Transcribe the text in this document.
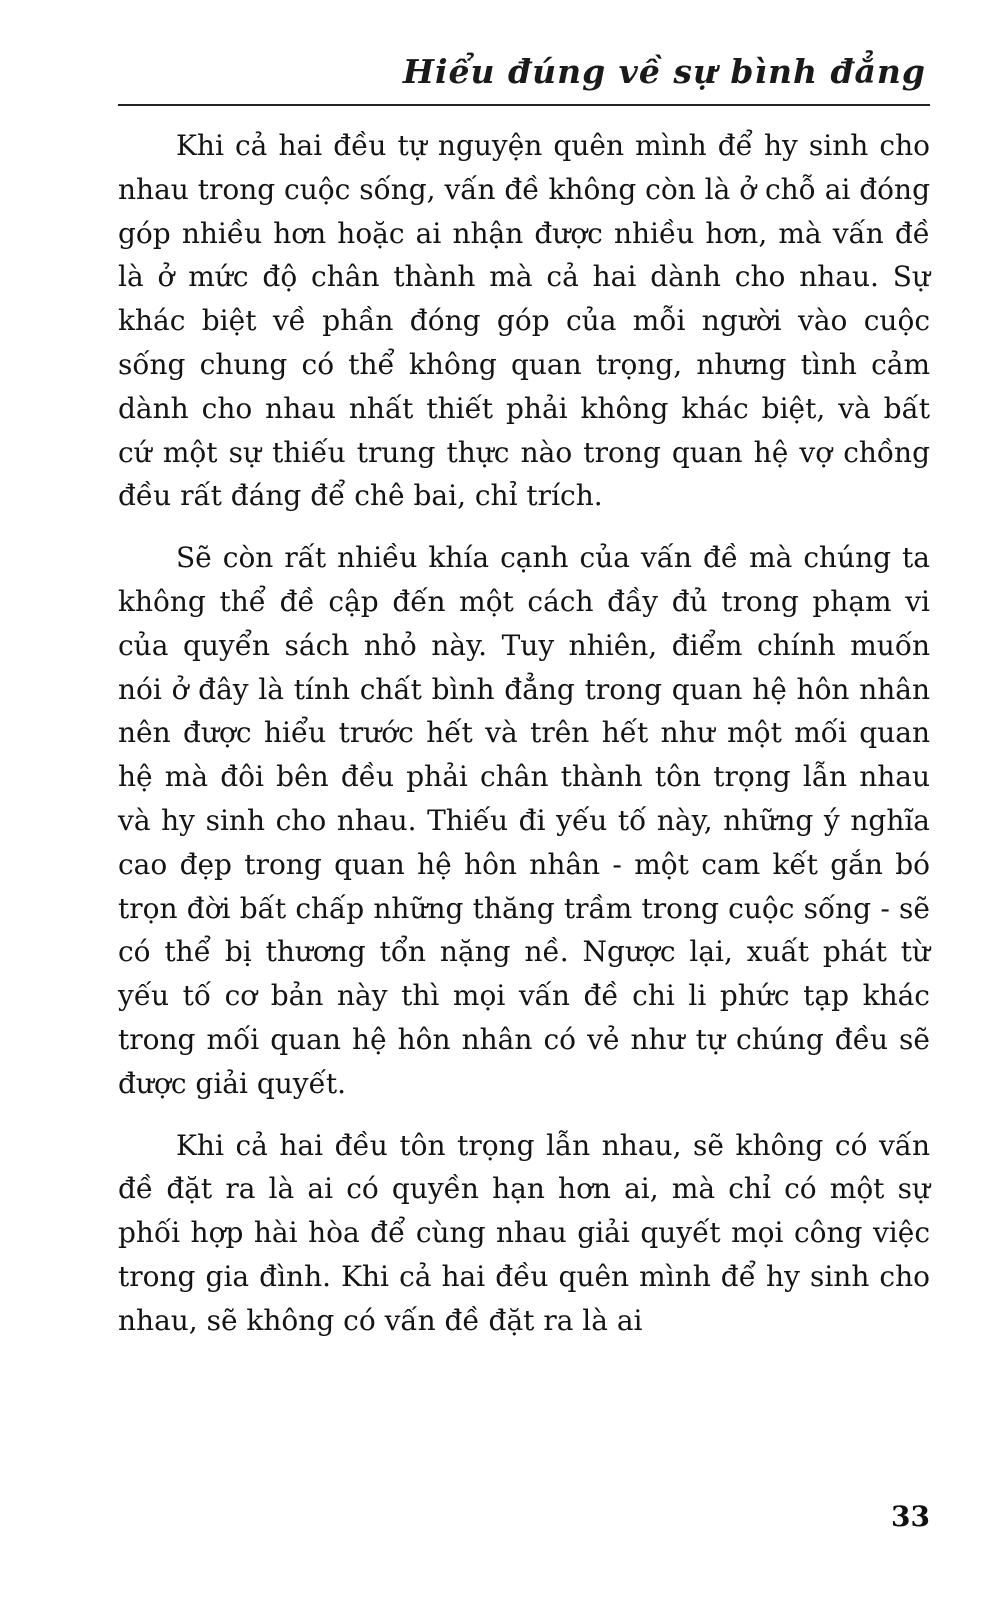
Hiểu đúng về sự bình đẳng

Khi cả hai đều tự nguyện quên mình để hy sinh cho nhau trong cuộc sống, vấn đề không còn là ở chỗ ai đóng góp nhiều hơn hoặc ai nhận được nhiều hơn, mà vấn đề là ở mức độ chân thành mà cả hai dành cho nhau. Sự khác biệt về phần đóng góp của mỗi người vào cuộc sống chung có thể không quan trọng, nhưng tình cảm dành cho nhau nhất thiết phải không khác biệt, và bất cứ một sự thiếu trung thực nào trong quan hệ vợ chồng đều rất đáng để chê bai, chỉ trích.

Sẽ còn rất nhiều khía cạnh của vấn đề mà chúng ta không thể đề cập đến một cách đầy đủ trong phạm vi của quyển sách nhỏ này. Tuy nhiên, điểm chính muốn nói ở đây là tính chất bình đẳng trong quan hệ hôn nhân nên được hiểu trước hết và trên hết như một mối quan hệ mà đôi bên đều phải chân thành tôn trọng lẫn nhau và hy sinh cho nhau. Thiếu đi yếu tố này, những ý nghĩa cao đẹp trong quan hệ hôn nhân - một cam kết gắn bó trọn đời bất chấp những thăng trầm trong cuộc sống - sẽ có thể bị thương tổn nặng nề. Ngược lại, xuất phát từ yếu tố cơ bản này thì mọi vấn đề chi li phức tạp khác trong mối quan hệ hôn nhân có vẻ như tự chúng đều sẽ được giải quyết.

Khi cả hai đều tôn trọng lẫn nhau, sẽ không có vấn đề đặt ra là ai có quyền hạn hơn ai, mà chỉ có một sự phối hợp hài hòa để cùng nhau giải quyết mọi công việc trong gia đình. Khi cả hai đều quên mình để hy sinh cho nhau, sẽ không có vấn đề đặt ra là ai

33
